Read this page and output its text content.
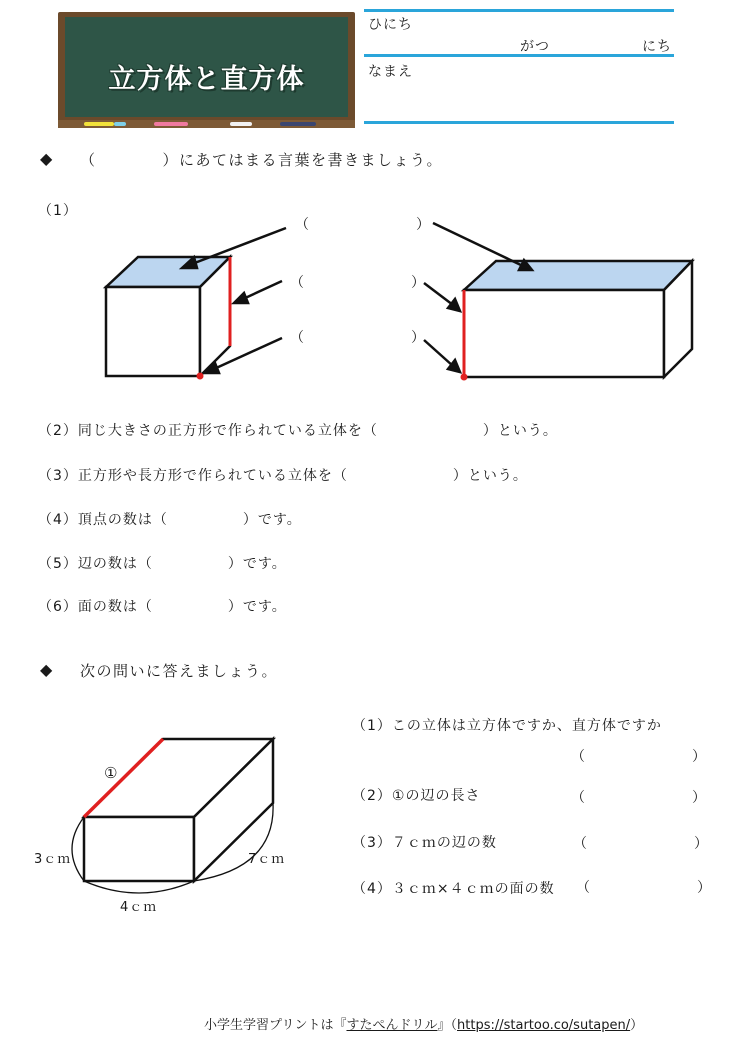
立方体と直方体
ひにち
がつ	にち
なまえ
◆ （　　　　）にあてはまる言葉を書きましょう。
（1）
（	）
（	）
（	）
（2）同じ大きさの正方形で作られている立体を（　　　　　　　）という。
（3）正方形や長方形で作られている立体を（　　　　　　　）という。
（4）頂点の数は（　　　　　）です。
（5）辺の数は（　　　　　）です。
（6）面の数は（　　　　　）です。
◆ 次の問いに答えましょう。
①
3ｃｍ
4ｃｍ
7ｃｍ
（1）この立体は立方体ですか、直方体ですか
（	）
（2）①の辺の長さ	（	）
（3）７ｃｍの辺の数	（	）
（4）３ｃｍ×４ｃｍの面の数 （	）
小学生学習プリントは『すたぺんドリル』（https://startoo.co/sutapen/）
